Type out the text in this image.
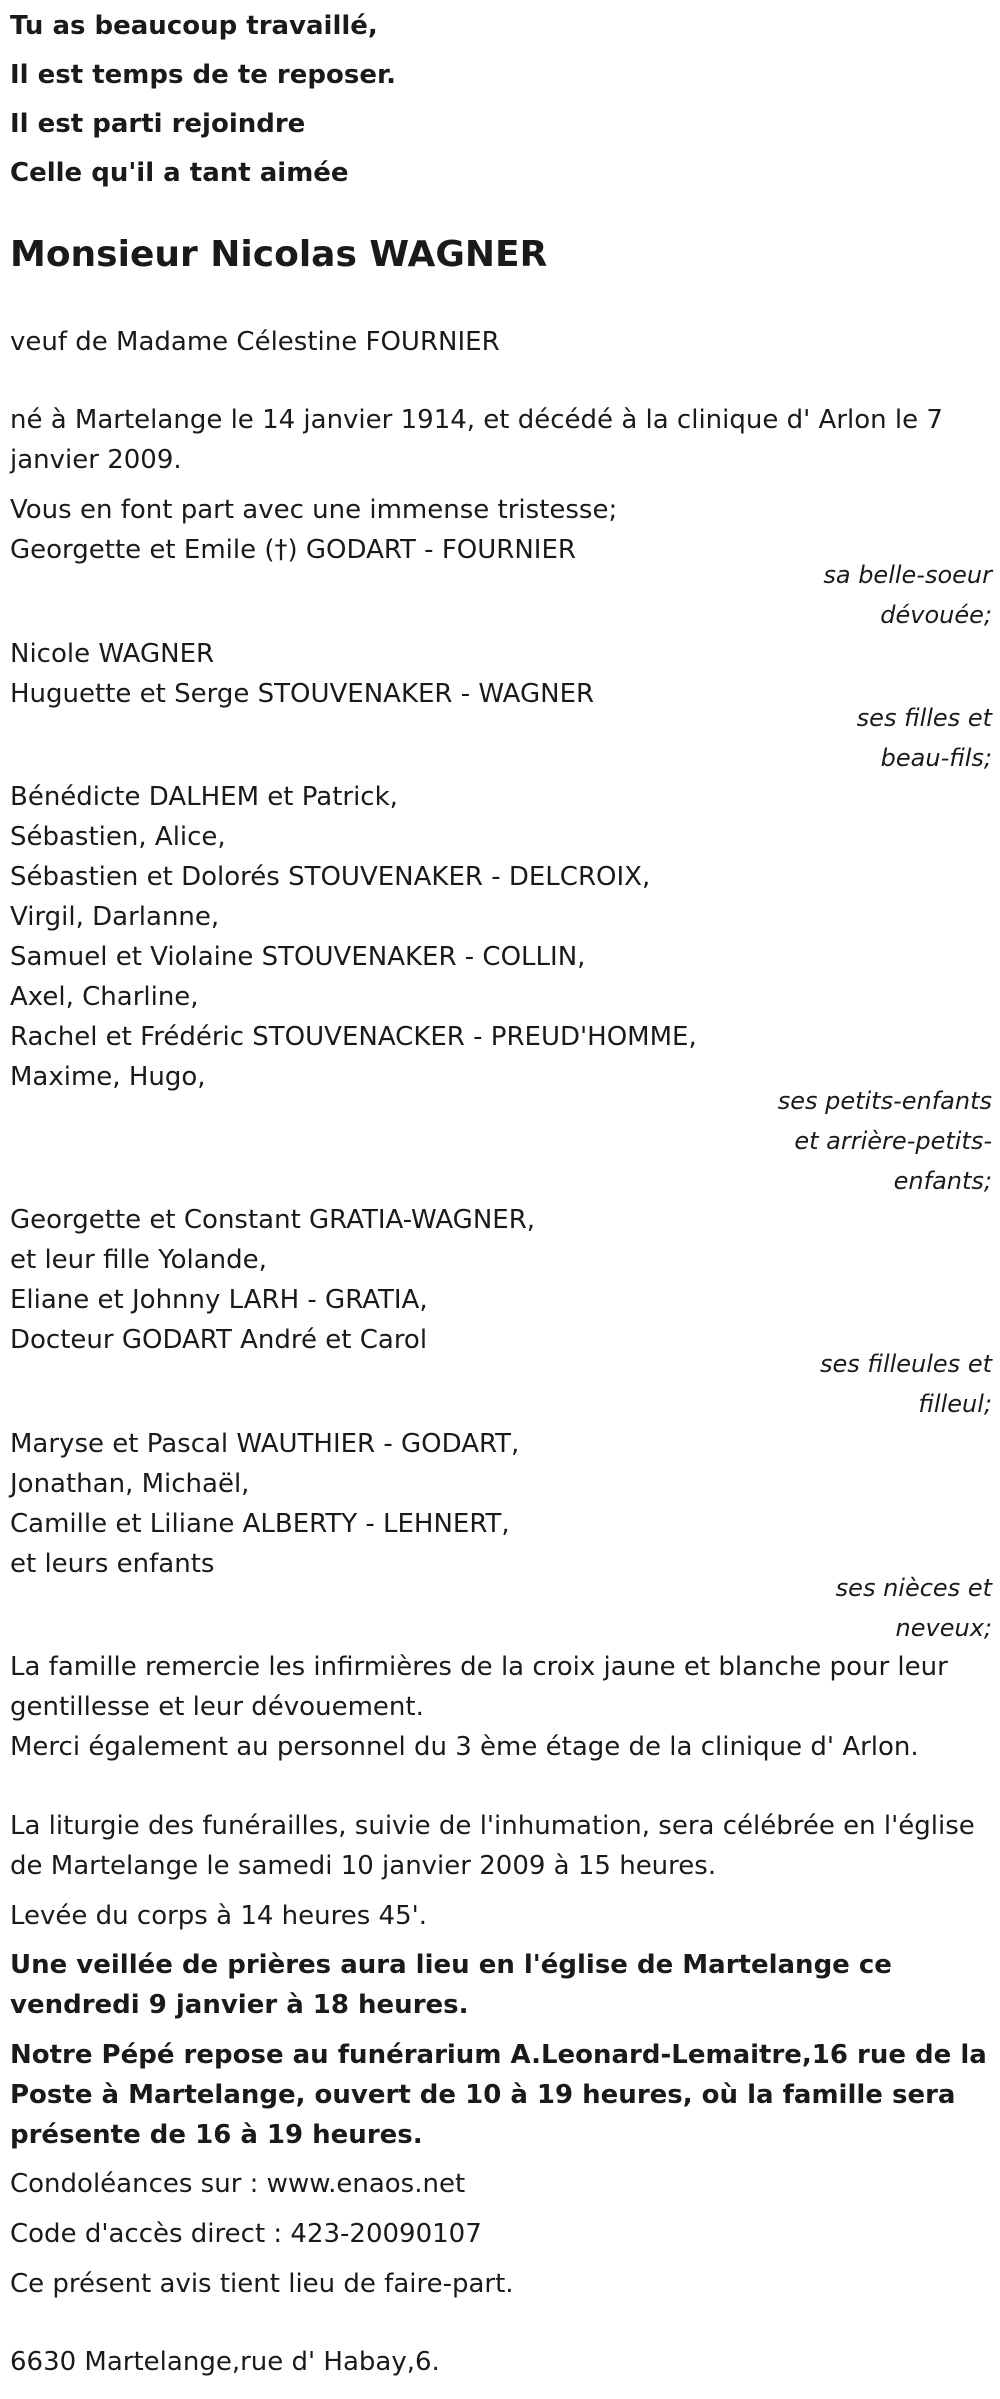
Tu as beaucoup travaillé,
Il est temps de te reposer.
Il est parti rejoindre
Celle qu'il a tant aimée
Monsieur Nicolas WAGNER
veuf de Madame Célestine FOURNIER
né à Martelange le 14 janvier 1914, et décédé à la clinique d' Arlon le 7 janvier 2009.
Vous en font part avec une immense tristesse;
Georgette et Emile (†) GODART - FOURNIER
sa belle-soeur dévouée;
Nicole WAGNER
Huguette et Serge STOUVENAKER - WAGNER
ses filles et beau-fils;
Bénédicte DALHEM et Patrick,
Sébastien, Alice,
Sébastien et Dolorés STOUVENAKER - DELCROIX,
Virgil, Darlanne,
Samuel et Violaine STOUVENAKER - COLLIN,
Axel, Charline,
Rachel et Frédéric STOUVENACKER - PREUD'HOMME,
Maxime, Hugo,
ses petits-enfants et arrière-petits-enfants;
Georgette et Constant GRATIA-WAGNER,
et leur fille Yolande,
Eliane et Johnny LARH - GRATIA,
Docteur GODART André et Carol
ses filleules et filleul;
Maryse et Pascal WAUTHIER - GODART,
Jonathan, Michaël,
Camille et Liliane ALBERTY - LEHNERT,
et leurs enfants
ses nièces et neveux;
La famille remercie les infirmières de la croix jaune et blanche pour leur gentillesse et leur dévouement.
Merci également au personnel du 3 ème étage de la clinique d' Arlon.
La liturgie des funérailles, suivie de l'inhumation, sera célébrée en l'église de Martelange le samedi 10 janvier 2009 à 15 heures.
Levée du corps à 14 heures 45'.
Une veillée de prières aura lieu en l'église de Martelange ce vendredi 9 janvier à 18 heures.
Notre Pépé repose au funérarium A.Leonard-Lemaitre,16 rue de la Poste à Martelange, ouvert de 10 à 19 heures, où la famille sera présente de 16 à 19 heures.
Condoléances sur : www.enaos.net
Code d'accès direct : 423-20090107
Ce présent avis tient lieu de faire-part.
6630 Martelange,rue d' Habay,6.
